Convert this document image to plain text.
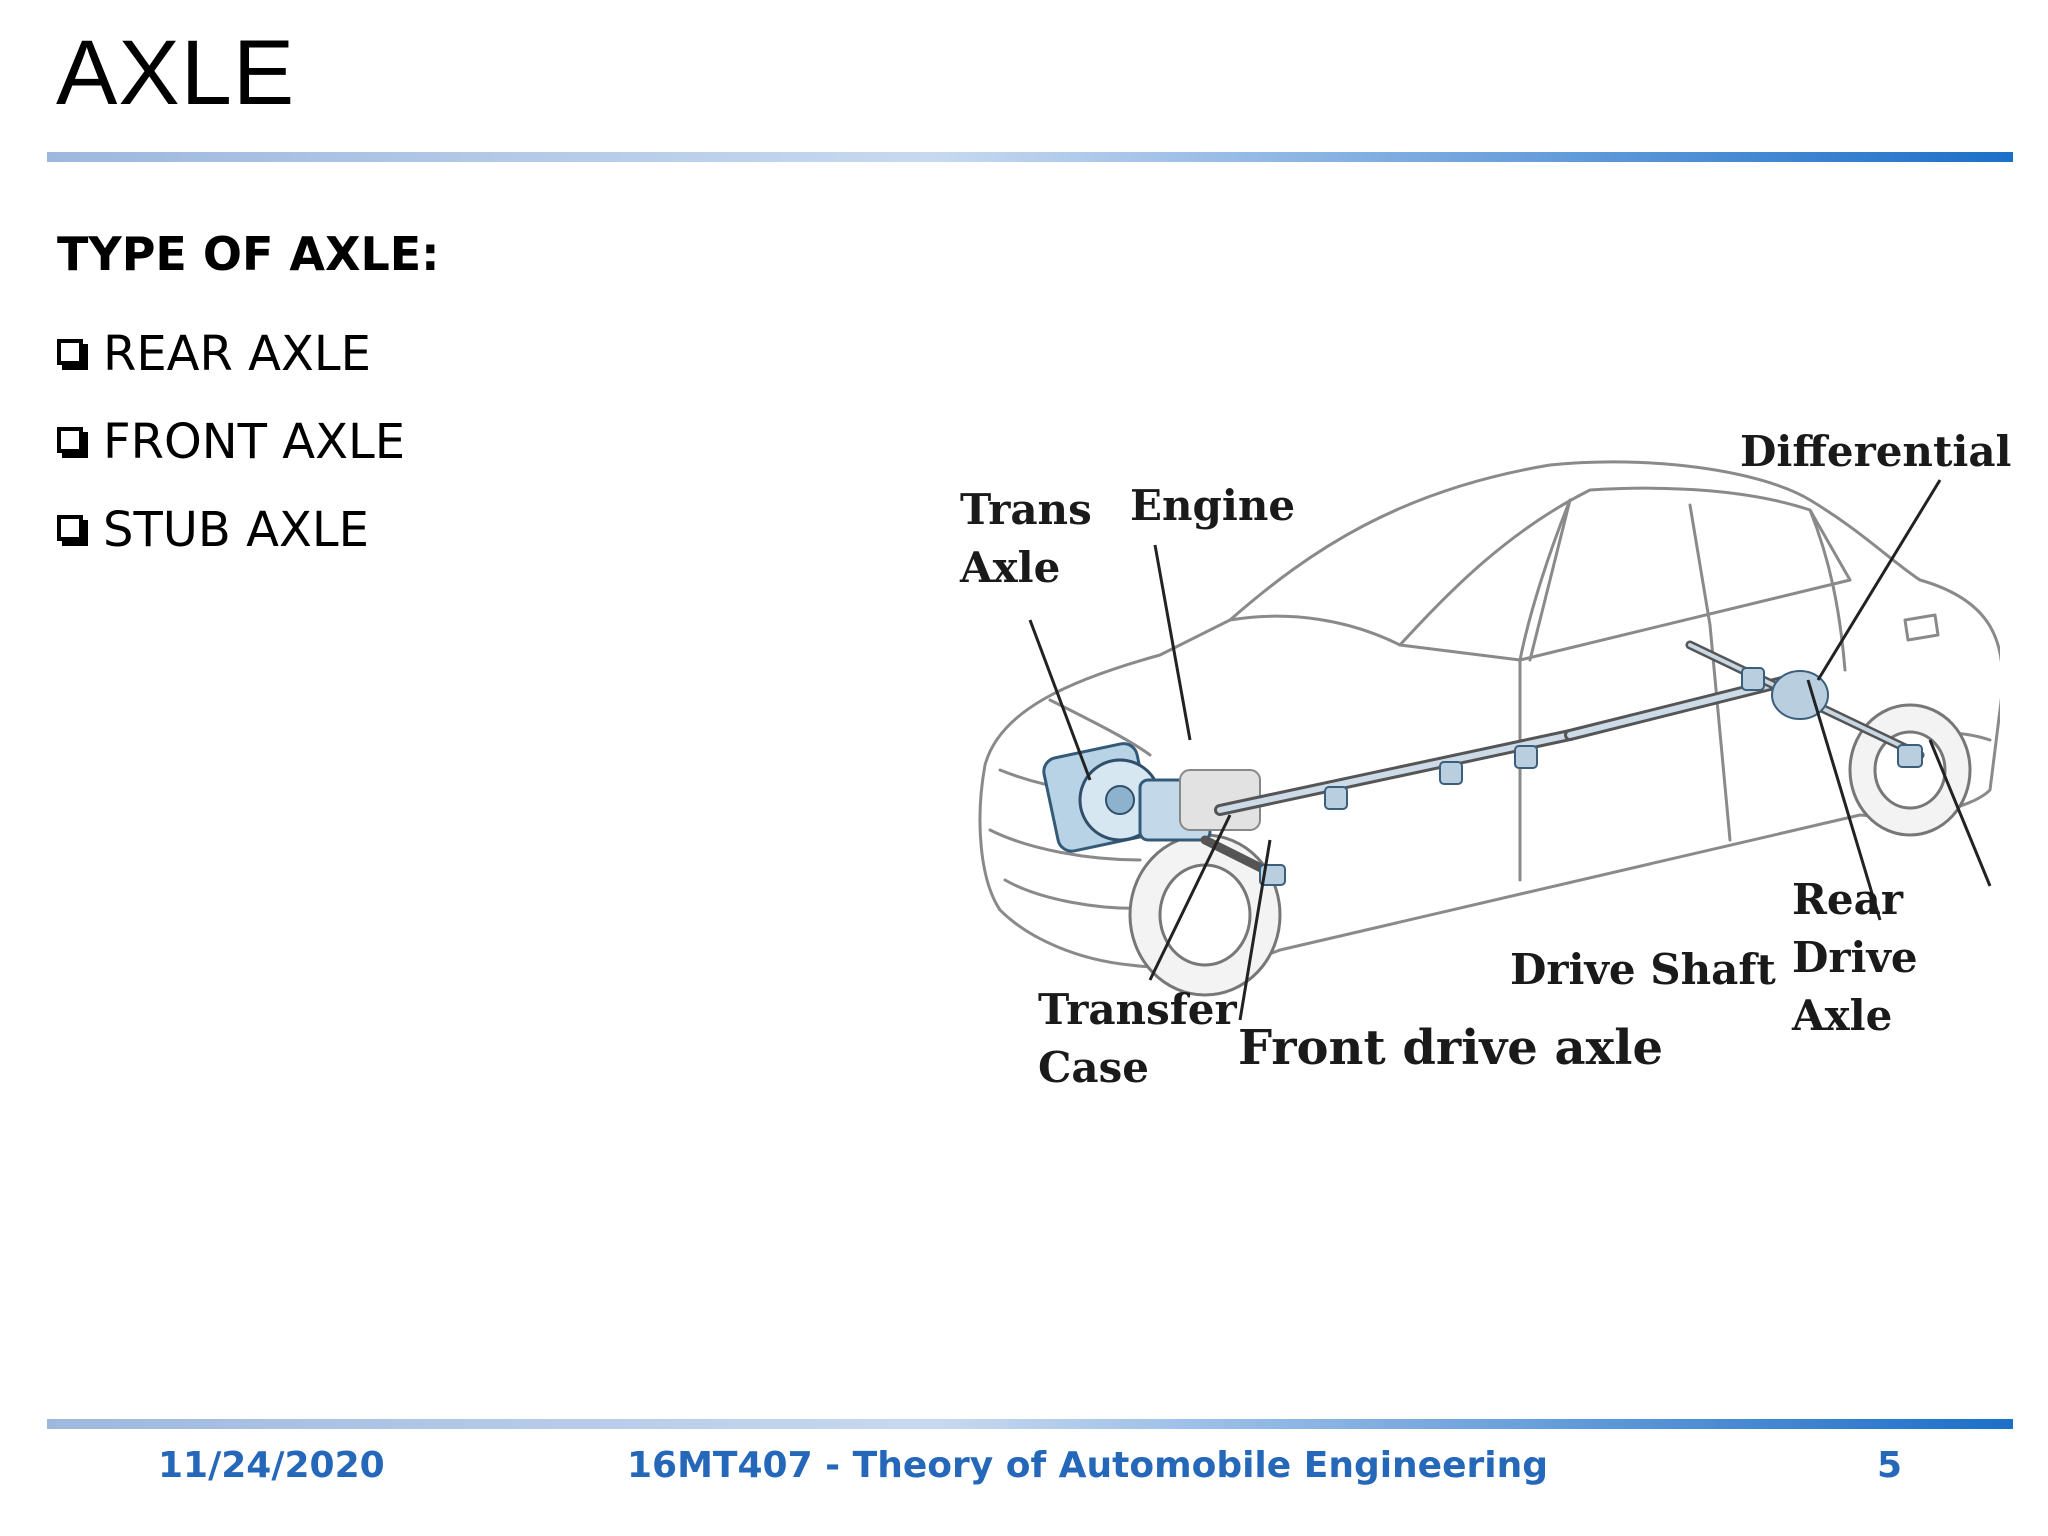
AXLE
TYPE OF AXLE:
REAR AXLE
FRONT AXLE
STUB AXLE	Trans
Axle
Engine
Differential
Rear
Drive
Axle
Drive Shaft
Transfer
Case Front drive axle
11/24/2020	16MT407 - Theory of Automobile Engineering	5
